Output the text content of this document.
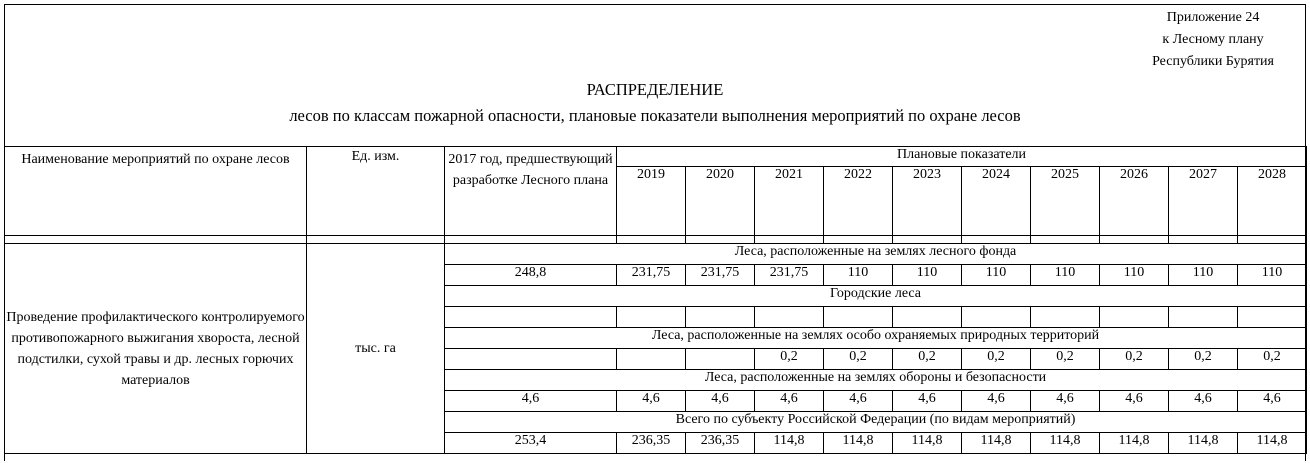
Приложение 24
к Лесному плану
Республики Бурятия
РАСПРЕДЕЛЕНИЕ
лесов по классам пожарной опасности, плановые показатели выполнения мероприятий по охране лесов
Наименование мероприятий по охране лесов	Ед. изм.	2017 год, предшествующий разработке Лесного плана	Плановые показатели									
			2019	2020	2021	2022	2023	2024	2025	2026	2027	2028

Проведение профилактического контролируемого противопожарного выжигания хвороста, лесной подстилки, сухой травы и др. лесных горючих материалов	тыс. га	Леса, расположенные на землях лесного фонда										
		248,8	231,75	231,75	231,75	110	110	110	110	110	110	110
		Городские леса										

		Леса, расположенные на землях особо охраняемых природных территорий										
					0,2	0,2	0,2	0,2	0,2	0,2	0,2	0,2
		Леса, расположенные на землях обороны и безопасности										
		4,6	4,6	4,6	4,6	4,6	4,6	4,6	4,6	4,6	4,6	4,6
		Всего по субъекту Российской Федерации (по видам мероприятий)										
		253,4	236,35	236,35	114,8	114,8	114,8	114,8	114,8	114,8	114,8	114,8
